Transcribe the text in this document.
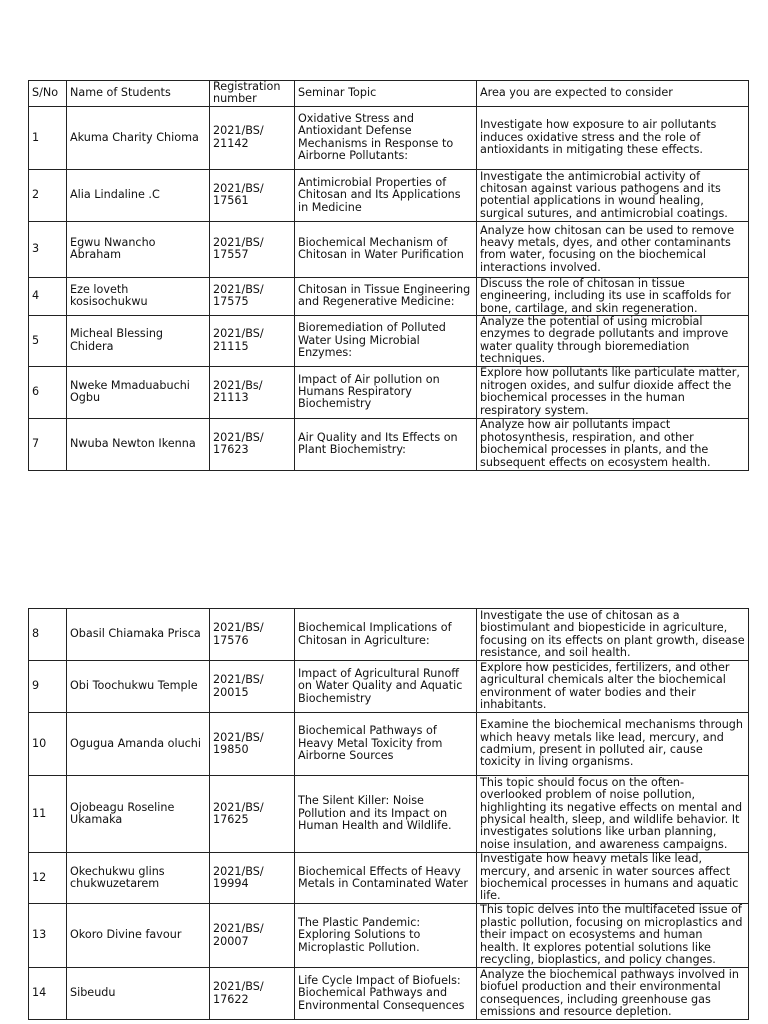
S/No	Name of Students	Registration number	Seminar Topic	Area you are expected to consider
1	Akuma Charity Chioma	2021/BS/ 21142	Oxidative Stress and Antioxidant Defense Mechanisms in Response to Airborne Pollutants:	Investigate how exposure to air pollutants induces oxidative stress and the role of antioxidants in mitigating these effects.
2	Alia Lindaline .C	2021/BS/ 17561	Antimicrobial Properties of Chitosan and Its Applications in Medicine	Investigate the antimicrobial activity of chitosan against various pathogens and its potential applications in wound healing, surgical sutures, and antimicrobial coatings.
3	Egwu Nwancho Abraham	2021/BS/ 17557	Biochemical Mechanism of Chitosan in Water Purification	Analyze how chitosan can be used to remove heavy metals, dyes, and other contaminants from water, focusing on the biochemical interactions involved.
4	Eze loveth kosisochukwu	2021/BS/ 17575	Chitosan in Tissue Engineering and Regenerative Medicine:	Discuss the role of chitosan in tissue engineering, including its use in scaffolds for bone, cartilage, and skin regeneration.
5	Micheal Blessing Chidera	2021/BS/ 21115	Bioremediation of Polluted Water Using Microbial Enzymes:	Analyze the potential of using microbial enzymes to degrade pollutants and improve water quality through bioremediation techniques.
6	Nweke Mmaduabuchi Ogbu	2021/Bs/ 21113	Impact of Air pollution on Humans Respiratory Biochemistry	Explore how pollutants like particulate matter, nitrogen oxides, and sulfur dioxide affect the biochemical processes in the human respiratory system.
7	Nwuba Newton Ikenna	2021/BS/ 17623	Air Quality and Its Effects on Plant Biochemistry:	Analyze how air pollutants impact photosynthesis, respiration, and other biochemical processes in plants, and the subsequent effects on ecosystem health.
8	Obasil Chiamaka Prisca	2021/BS/ 17576	Biochemical Implications of Chitosan in Agriculture:	Investigate the use of chitosan as a biostimulant and biopesticide in agriculture, focusing on its effects on plant growth, disease resistance, and soil health.
9	Obi Toochukwu Temple	2021/BS/ 20015	Impact of Agricultural Runoff on Water Quality and Aquatic Biochemistry	Explore how pesticides, fertilizers, and other agricultural chemicals alter the biochemical environment of water bodies and their inhabitants.
10	Ogugua Amanda oluchi	2021/BS/ 19850	Biochemical Pathways of Heavy Metal Toxicity from Airborne Sources	Examine the biochemical mechanisms through which heavy metals like lead, mercury, and cadmium, present in polluted air, cause toxicity in living organisms.
11	Ojobeagu Roseline Ukamaka	2021/BS/ 17625	The Silent Killer: Noise Pollution and its Impact on Human Health and Wildlife.	This topic should focus on the often-overlooked problem of noise pollution, highlighting its negative effects on mental and physical health, sleep, and wildlife behavior. It investigates solutions like urban planning, noise insulation, and awareness campaigns.
12	Okechukwu glins chukwuzetarem	2021/BS/ 19994	Biochemical Effects of Heavy Metals in Contaminated Water	Investigate how heavy metals like lead, mercury, and arsenic in water sources affect biochemical processes in humans and aquatic life.
13	Okoro Divine favour	2021/BS/ 20007	The Plastic Pandemic: Exploring Solutions to Microplastic Pollution.	This topic delves into the multifaceted issue of plastic pollution, focusing on microplastics and their impact on ecosystems and human health. It explores potential solutions like recycling, bioplastics, and policy changes.
14	Sibeudu	2021/BS/ 17622	Life Cycle Impact of Biofuels: Biochemical Pathways and Environmental Consequences	Analyze the biochemical pathways involved in biofuel production and their environmental consequences, including greenhouse gas emissions and resource depletion.
